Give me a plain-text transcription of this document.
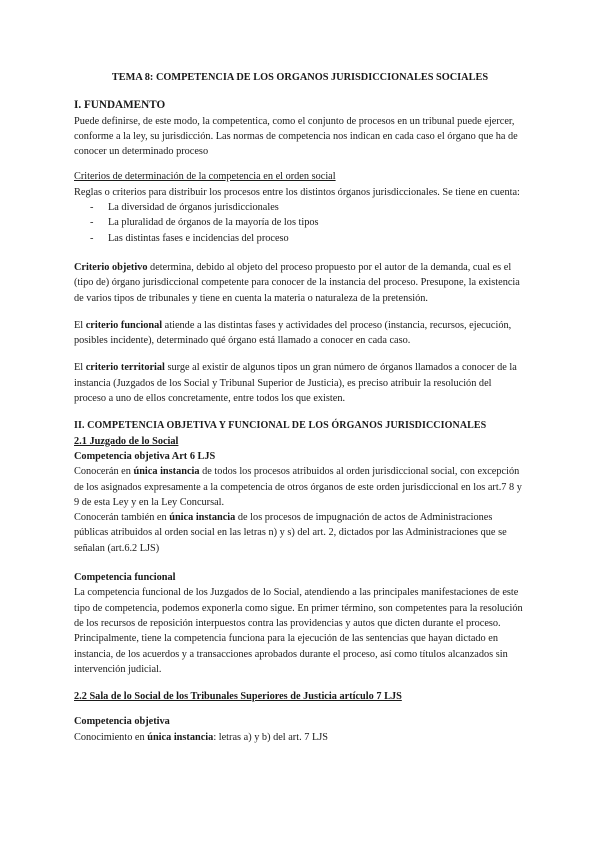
TEMA 8: COMPETENCIA DE LOS ORGANOS JURISDICCIONALES SOCIALES
I. FUNDAMENTO

Puede definirse, de este modo, la competentica, como el conjunto de procesos en un tribunal puede ejercer, conforme a la ley, su jurisdicción. Las normas de competencia nos indican en cada caso el órgano que ha de conocer un determinado proceso

Criterios de determinación de la competencia en el orden social

Reglas o criterios para distribuir los procesos entre los distintos órganos jurisdiccionales. Se tiene en cuenta:

- La diversidad de órganos jurisdiccionales
- La pluralidad de órganos de la mayoría de los tipos
- Las distintas fases e incidencias del proceso

Criterio objetivo determina, debido al objeto del proceso propuesto por el autor de la demanda, cual es el (tipo de) órgano jurisdiccional competente para conocer de la instancia del proceso. Presupone, la existencia de varios tipos de tribunales y tiene en cuenta la materia o naturaleza de la pretensión.

El criterio funcional atiende a las distintas fases y actividades del proceso (instancia, recursos, ejecución, posibles incidente), determinado qué órgano está llamado a conocer en cada caso.

El criterio territorial surge al existir de algunos tipos un gran número de órganos llamados a conocer de la instancia (Juzgados de los Social y Tribunal Superior de Justicia), es preciso atribuir la resolución del proceso a uno de ellos concretamente, entre todos los que existen.

II. COMPETENCIA OBJETIVA Y FUNCIONAL DE LOS ÓRGANOS JURISDICCIONALES

2.1 Juzgado de lo Social

Competencia objetiva Art 6 LJS

Conocerán en única instancia de todos los procesos atribuidos al orden jurisdiccional social, con excepción de los asignados expresamente a la competencia de otros órganos de este orden jurisdiccional en los art.7 8 y 9 de esta Ley y en la Ley Concursal.

Conocerán también en única instancia de los procesos de impugnación de actos de Administraciones públicas atribuidos al orden social en las letras n) y s) del art. 2, dictados por las Administraciones que se señalan (art.6.2 LJS)

Competencia funcional

La competencia funcional de los Juzgados de lo Social, atendiendo a las principales manifestaciones de este tipo de competencia, podemos exponerla como sigue. En primer término, son competentes para la resolución de los recursos de reposición interpuestos contra las providencias y autos que dicten durante el proceso. Principalmente, tiene la competencia funciona para la ejecución de las sentencias que hayan dictado en instancia, de los acuerdos y a transacciones aprobados durante el proceso, así como títulos alcanzados sin intervención judicial.

2.2 Sala de lo Social de los Tribunales Superiores de Justicia artículo 7 LJS

Competencia objetiva

Conocimiento en única instancia: letras a) y b) del art. 7 LJS
